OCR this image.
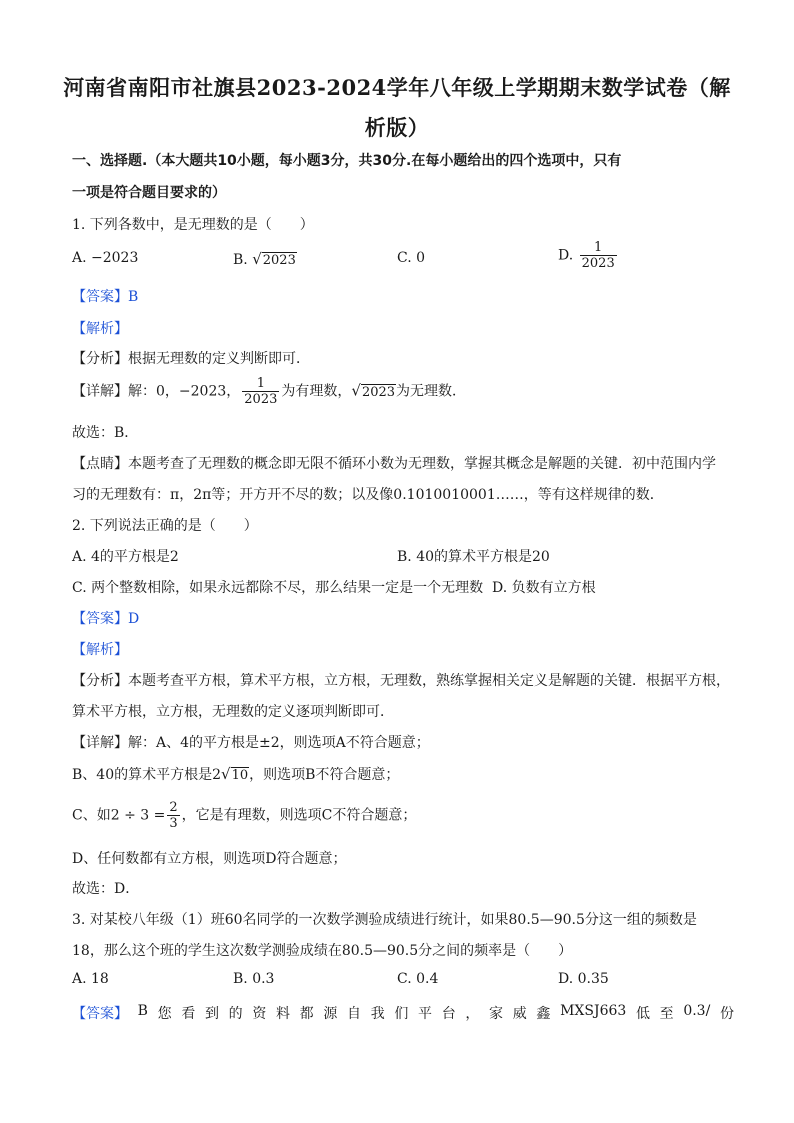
河南省南阳市社旗县2023-2024学年八年级上学期期末数学试卷（解
析版）
一、选择题.（本大题共10小题，每小题3分，共30分.在每小题给出的四个选项中，只有
一项是符合题目要求的）
1. 下列各数中，是无理数的是（　　）
A. −2023	B. √2023	C. 0	D. $\frac{1}{2023}$
【答案】B
【解析】
【分析】根据无理数的定义判断即可．
【详解】解：0，−2023， $\frac{1}{2023}$ 为有理数，√2023为无理数．
故选：B．
【点睛】本题考查了无理数的概念即无限不循环小数为无理数，掌握其概念是解题的关键．初中范围内学
习的无理数有：π，2π等；开方开不尽的数；以及像0.1010010001……，等有这样规律的数．
2. 下列说法正确的是（　　）
A. 4的平方根是2	B. 40的算术平方根是20
C. 两个整数相除，如果永远都除不尽，那么结果一定是一个无理数 D. 负数有立方根
【答案】D
【解析】
【分析】本题考查平方根，算术平方根，立方根，无理数，熟练掌握相关定义是解题的关键．根据平方根，
算术平方根，立方根，无理数的定义逐项判断即可．
【详解】解：A、4的平方根是±2，则选项A不符合题意；
B、40的算术平方根是2√10，则选项B不符合题意；
C、如$2 \div 3 = \frac{2}{3}$ ，它是有理数，则选项C不符合题意；
D、任何数都有立方根，则选项D符合题意；
故选：D．
3. 对某校八年级（1）班60名同学的一次数学测验成绩进行统计，如果80.5—90.5分这一组的频数是
18，那么这个班的学生这次数学测验成绩在80.5—90.5分之间的频率是（　　）
A. 18	B. 0.3	C. 0.4	D. 0.35
【答案】 B 您 看 到 的 资 料 都 源 自 我 们 平 台 ， 家 威 鑫 MXSJ663 低 至 0.3/ 份
